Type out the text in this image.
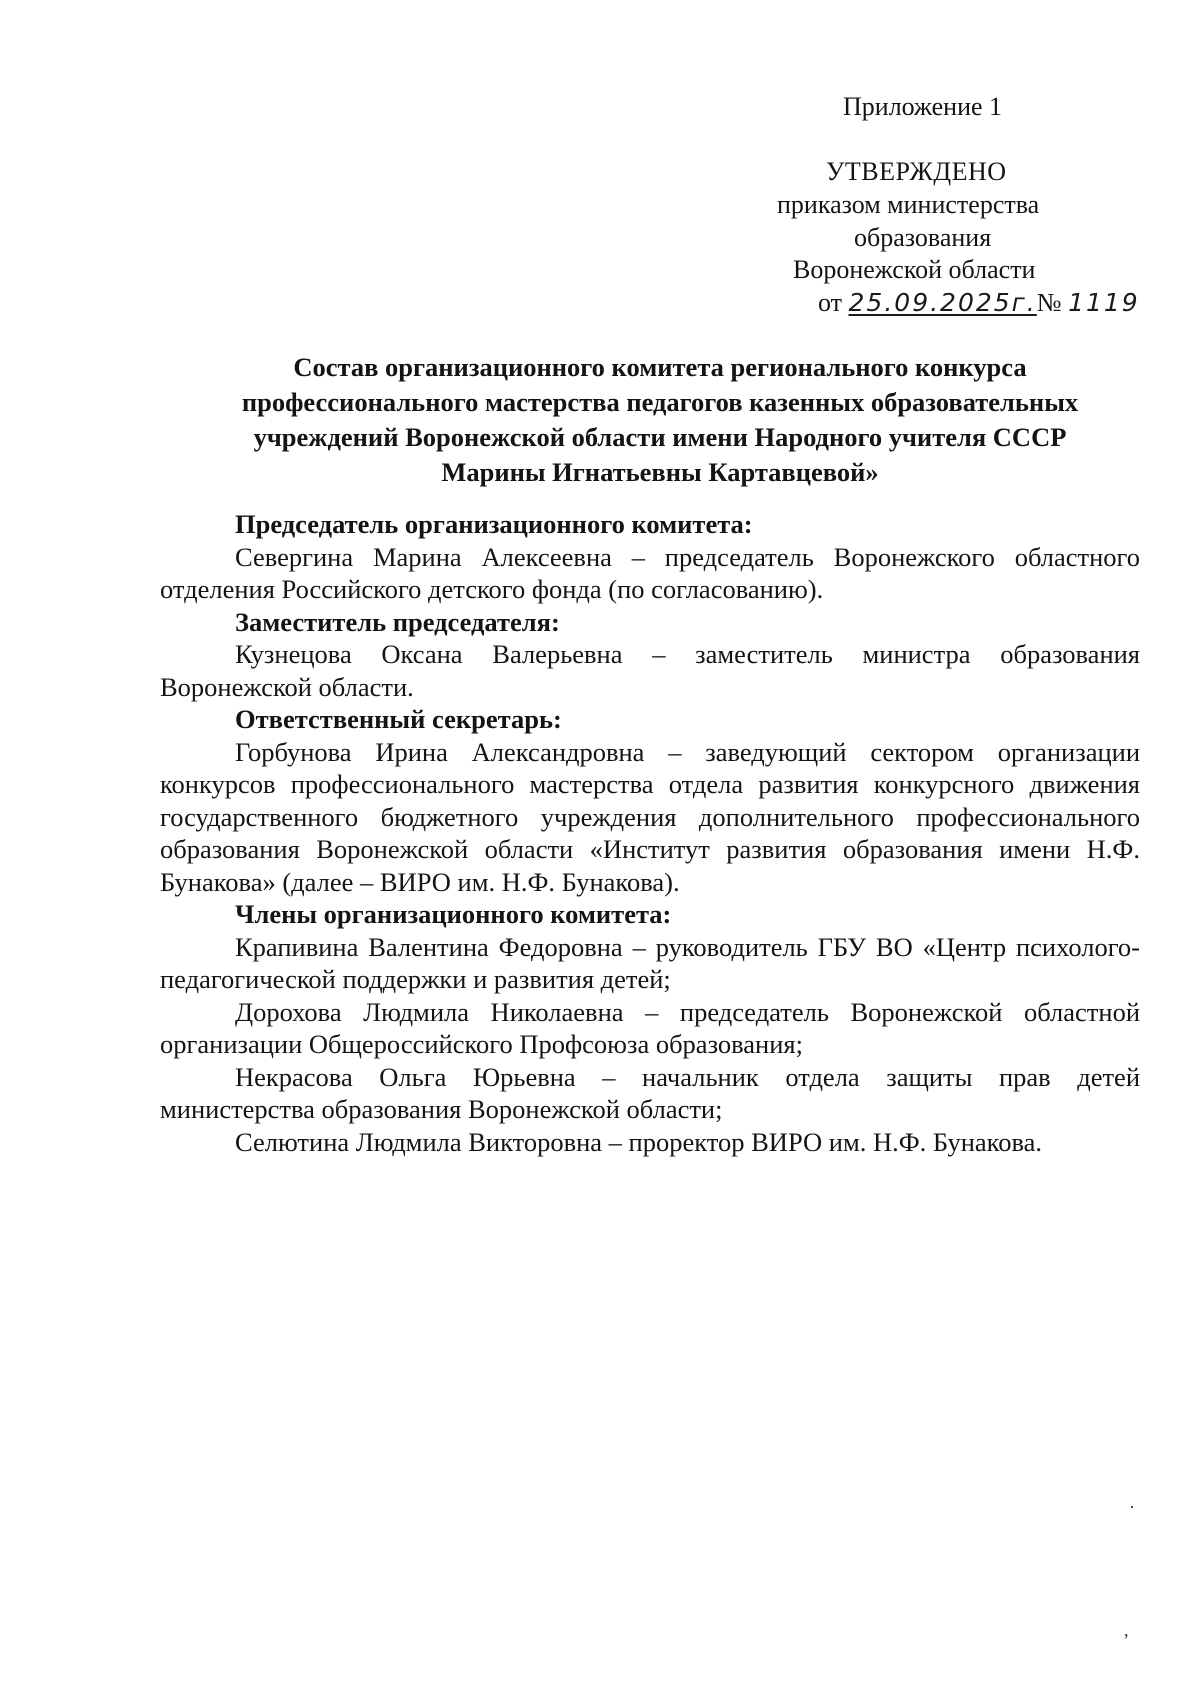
Приложение 1
УТВЕРЖДЕНО
приказом министерства
образования
Воронежской области
от 25.09.2025г.№ 1119
Состав организационного комитета регионального конкурса
профессионального мастерства педагогов казенных образовательных
учреждений Воронежской области имени Народного учителя СССР
Марины Игнатьевны Картавцевой»
Председатель организационного комитета:

Севергина Марина Алексеевна – председатель Воронежского областного отделения Российского детского фонда (по согласованию).

Заместитель председателя:

Кузнецова Оксана Валерьевна – заместитель министра образования Воронежской области.

Ответственный секретарь:

Горбунова Ирина Александровна – заведующий сектором организации конкурсов профессионального мастерства отдела развития конкурсного движения государственного бюджетного учреждения дополнительного профессионального образования Воронежской области «Институт развития образования имени Н.Ф. Бунакова» (далее – ВИРО им. Н.Ф. Бунакова).

Члены организационного комитета:

Крапивина Валентина Федоровна – руководитель ГБУ ВО «Центр психолого-педагогической поддержки и развития детей;

Дорохова Людмила Николаевна – председатель Воронежской областной организации Общероссийского Профсоюза образования;

Некрасова Ольга Юрьевна – начальник отдела защиты прав детей министерства образования Воронежской области;

Селютина Людмила Викторовна – проректор ВИРО им. Н.Ф. Бунакова.

·
,
